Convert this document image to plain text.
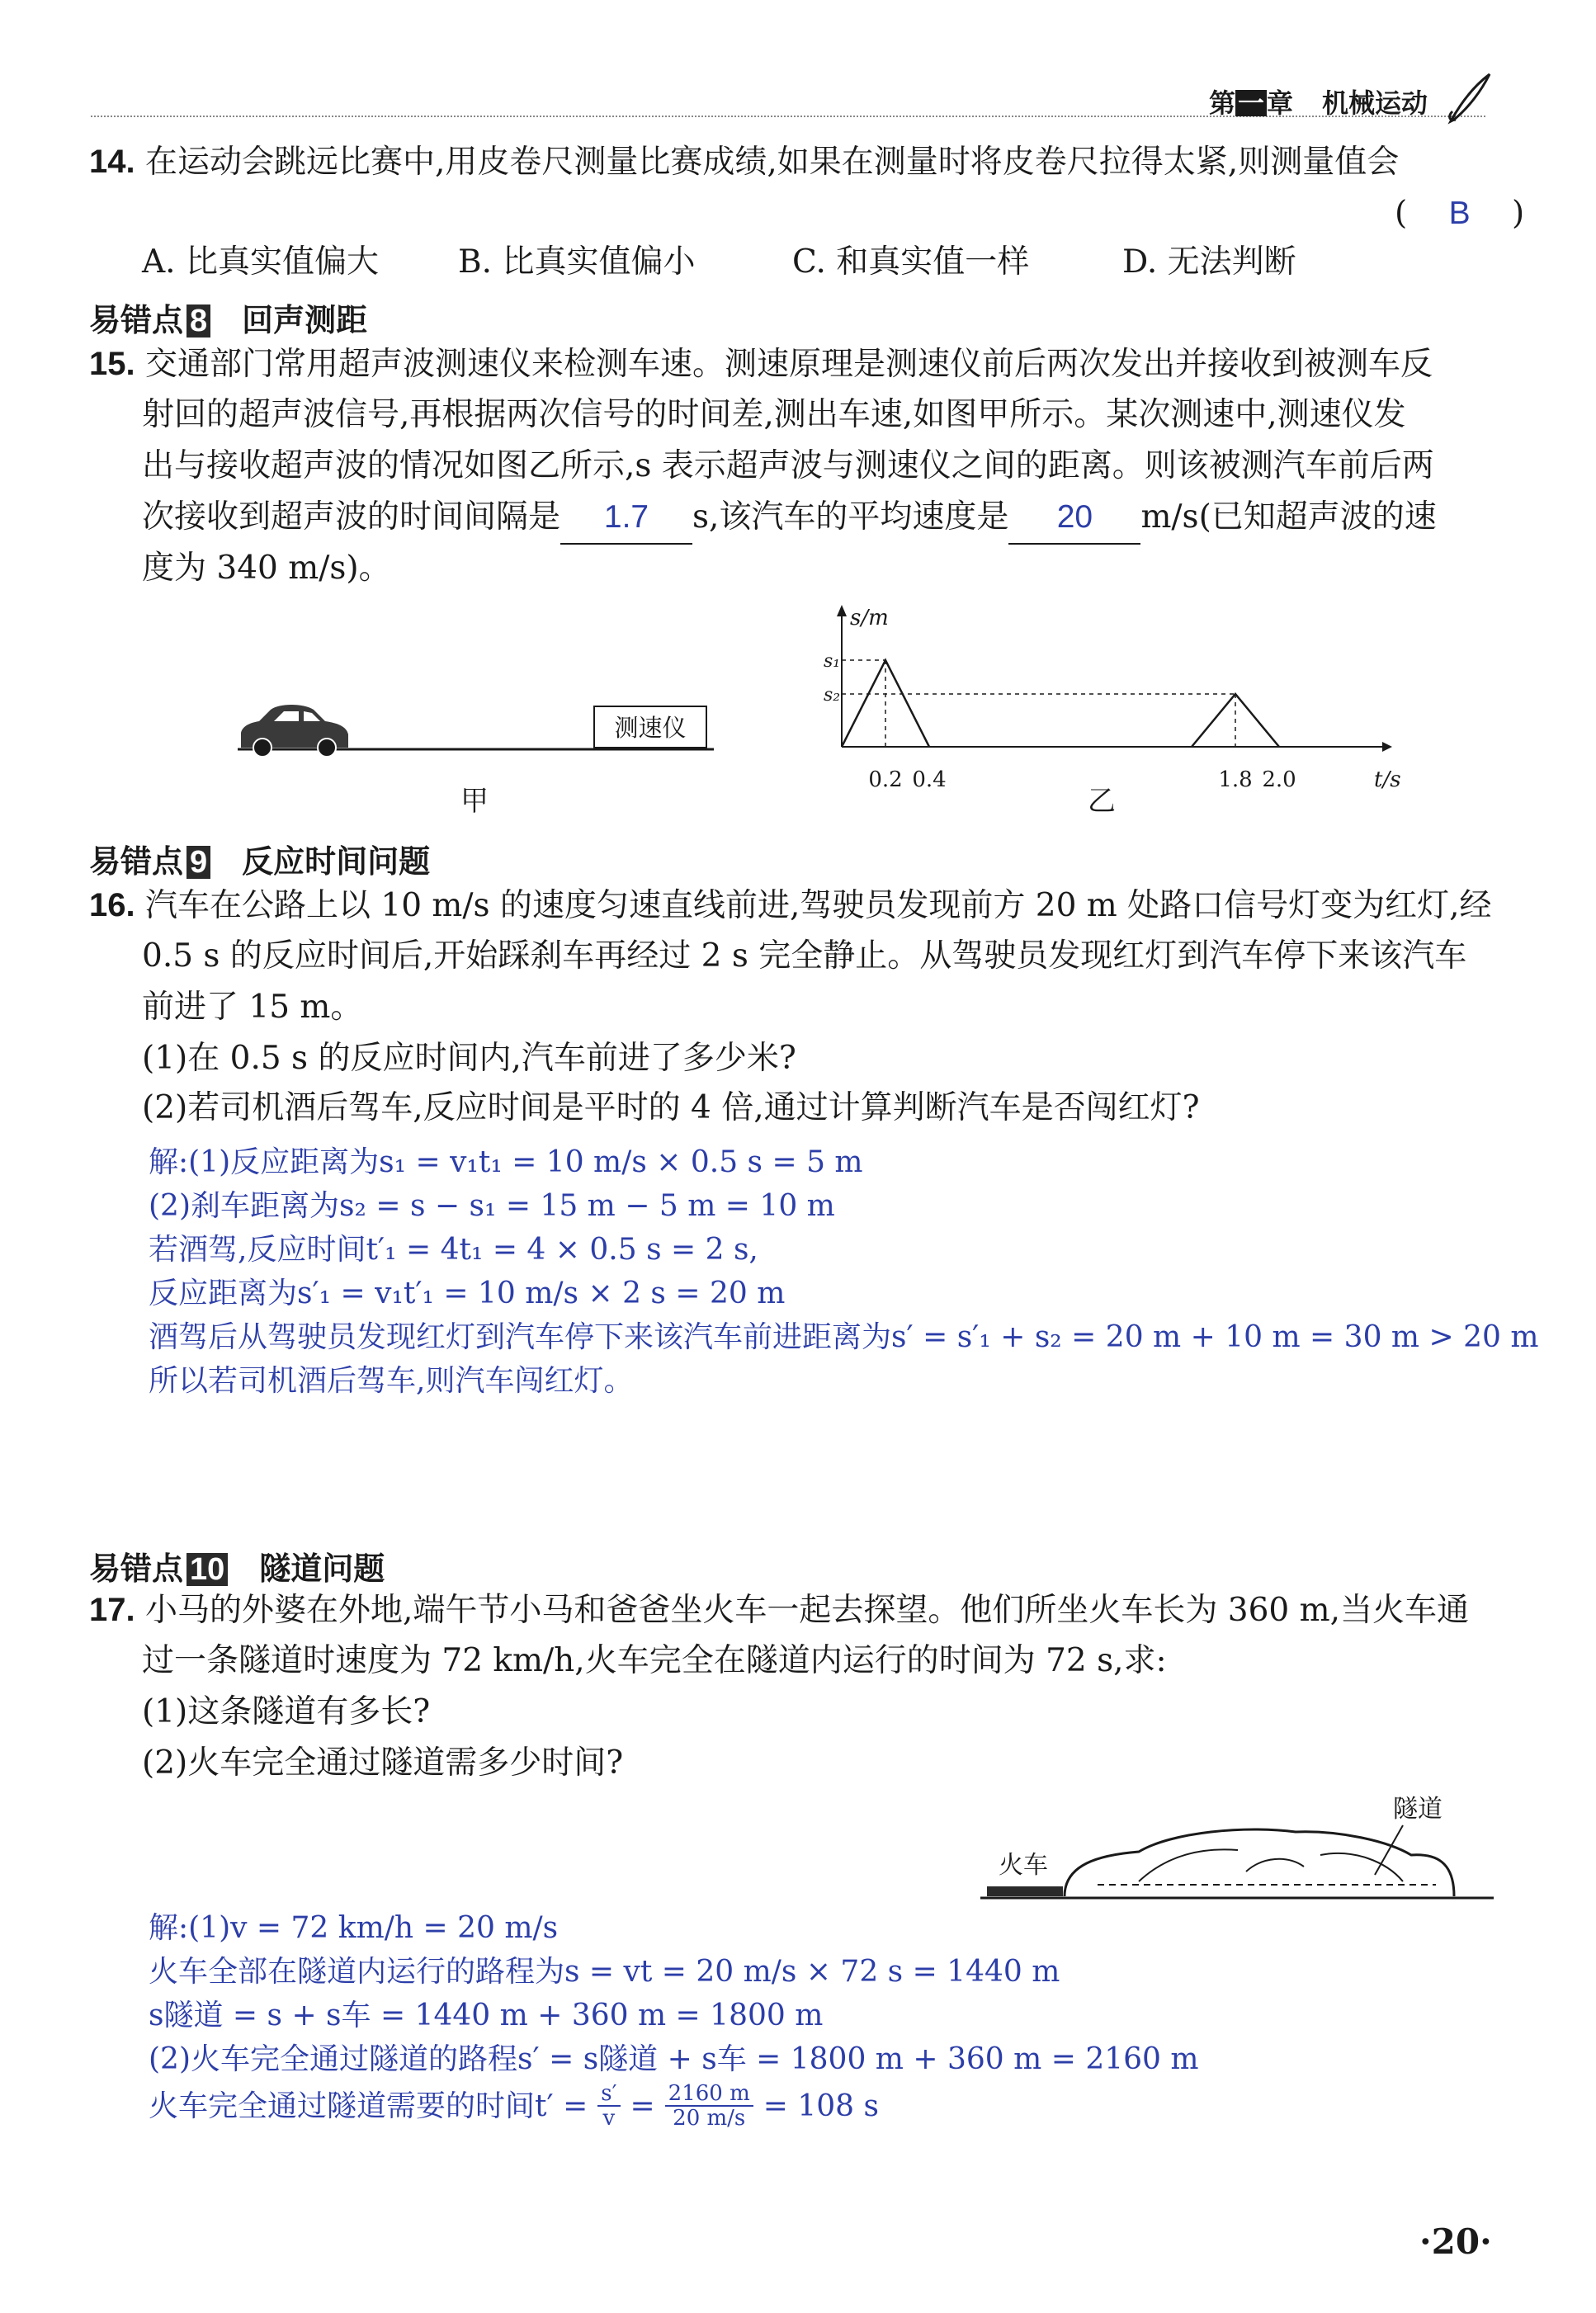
第一章 机械运动
14. 在运动会跳远比赛中,用皮卷尺测量比赛成绩,如果在测量时将皮卷尺拉得太紧,则测量值会
( B )
A. 比真实值偏大 B. 比真实值偏小	C. 和真实值一样	D. 无法判断
易错点 8 回声测距
15. 交通部门常用超声波测速仪来检测车速。测速原理是测速仪前后两次发出并接收到被测车反
射回的超声波信号,再根据两次信号的时间差,测出车速,如图甲所示。某次测速中,测速仪发
出与接收超声波的情况如图乙所示,s 表示超声波与测速仪之间的距离。则该被测汽车前后两
次接收到超声波的时间间隔是 1.7 s,该汽车的平均速度是 20 m/s(已知超声波的速
度为 340 m/s)。
测速仪
甲
s/m
t/s
s₁
s₂
0.2 0.4	1.8 2.0
乙
易错点 9 反应时间问题
16. 汽车在公路上以 10 m/s 的速度匀速直线前进,驾驶员发现前方 20 m 处路口信号灯变为红灯,经
0.5 s 的反应时间后,开始踩刹车再经过 2 s 完全静止。从驾驶员发现红灯到汽车停下来该汽车
前进了 15 m。
(1)在 0.5 s 的反应时间内,汽车前进了多少米?
(2)若司机酒后驾车,反应时间是平时的 4 倍,通过计算判断汽车是否闯红灯?
解:(1)反应距离为s₁ = v₁t₁ = 10 m/s × 0.5 s = 5 m
(2)刹车距离为s₂ = s − s₁ = 15 m − 5 m = 10 m
若酒驾,反应时间t′₁ = 4t₁ = 4 × 0.5 s = 2 s,
反应距离为s′₁ = v₁t′₁ = 10 m/s × 2 s = 20 m
酒驾后从驾驶员发现红灯到汽车停下来该汽车前进距离为s′ = s′₁ + s₂ = 20 m + 10 m = 30 m > 20 m
所以若司机酒后驾车,则汽车闯红灯。
易错点 10 隧道问题
17. 小马的外婆在外地,端午节小马和爸爸坐火车一起去探望。他们所坐火车长为 360 m,当火车通
过一条隧道时速度为 72 km/h,火车完全在隧道内运行的时间为 72 s,求:
(1)这条隧道有多长?
(2)火车完全通过隧道需多少时间?
隧道
火车
解:(1)v = 72 km/h = 20 m/s
火车全部在隧道内运行的路程为s = vt = 20 m/s × 72 s = 1440 m
s隧道 = s + s车 = 1440 m + 360 m = 1800 m
(2)火车完全通过隧道的路程s′ = s隧道 + s车 = 1800 m + 360 m = 2160 m
火车完全通过隧道需要的时间$t' = \frac{s'}{v} = \frac{2160 m}{20 m/s} = 108$ s
·20·
